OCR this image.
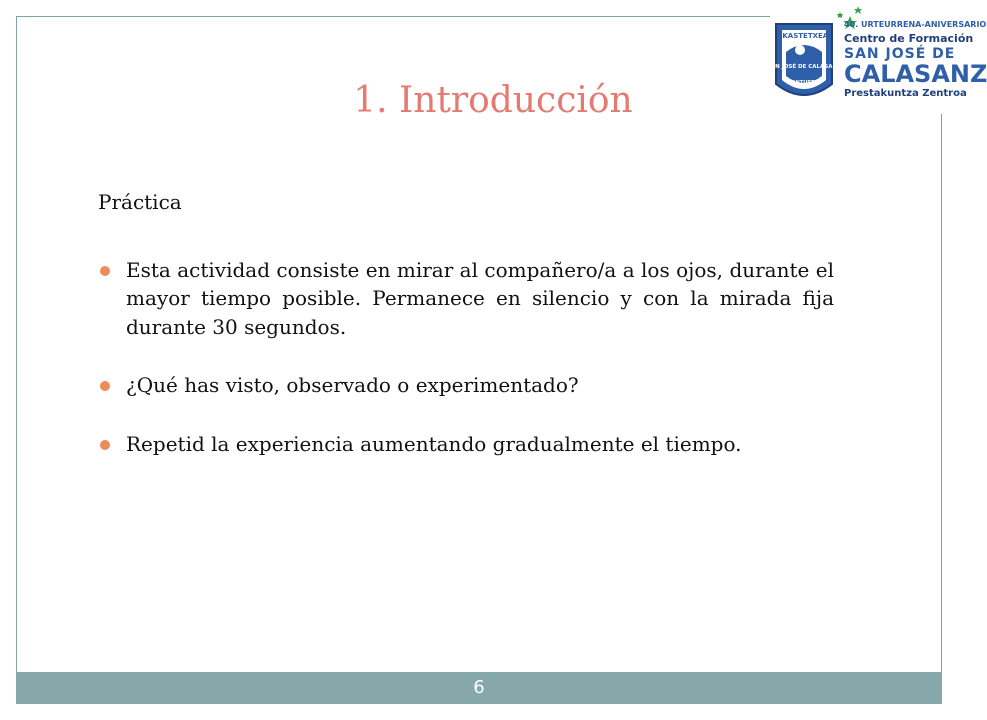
IKASTETXEA
SAN JOSÉ DE CALASANZ
SANTURTZI
40. URTEURRENA-ANIVERSARIO
Centro de Formación
SAN JOSÉ DE
CALASANZ
Prestakuntza Zentroa
1. Introducción
Práctica
Esta actividad consiste en mirar al compañero/a a los ojos, durante el mayor tiempo posible. Permanece en silencio y con la mirada fija durante 30 segundos.
¿Qué has visto, observado o experimentado?
Repetid la experiencia aumentando gradualmente el tiempo.
6
